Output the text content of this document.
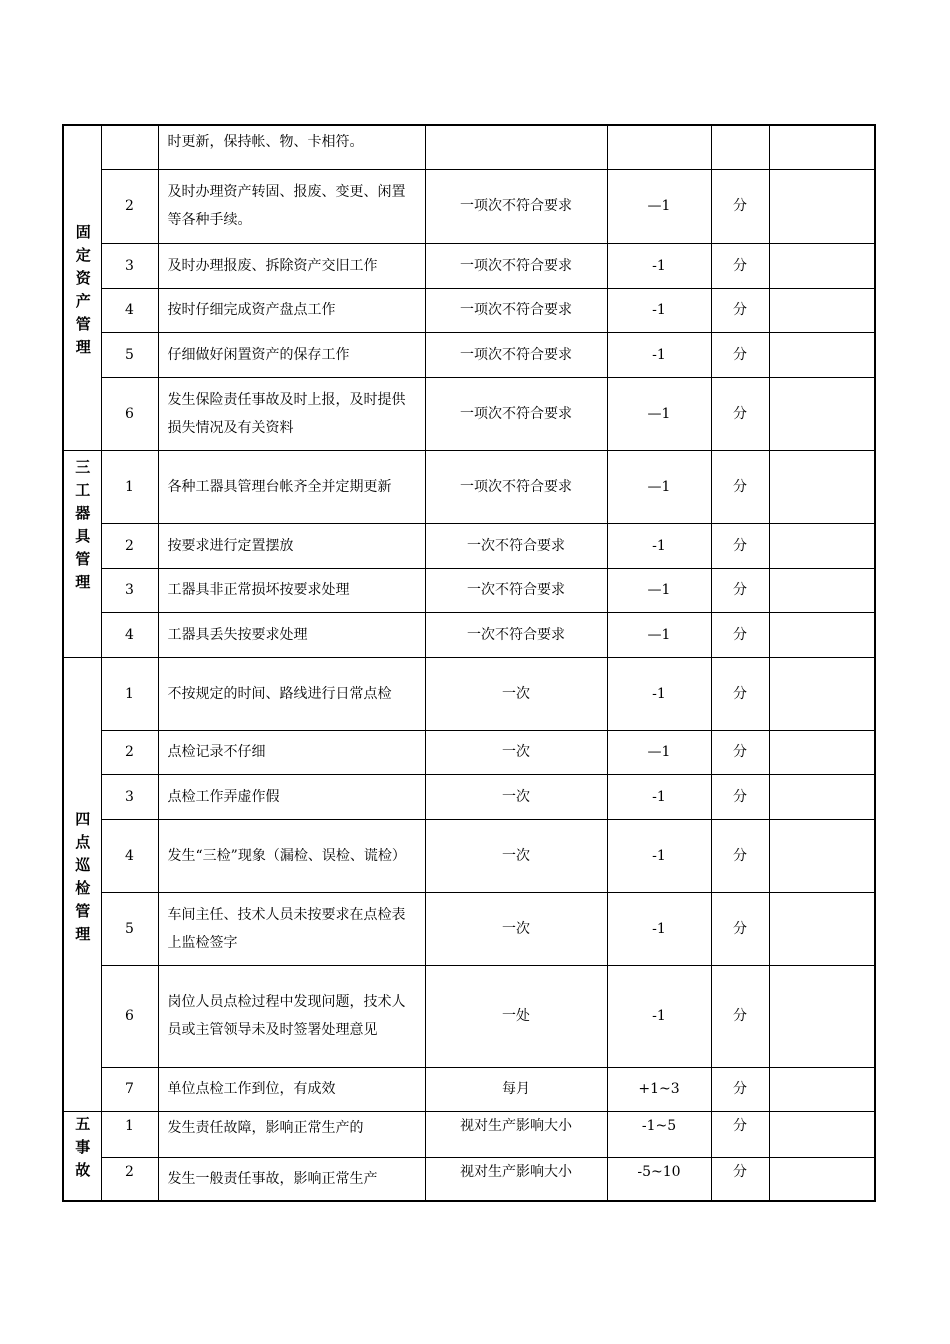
固定资产管理		时更新，保持帐、物、卡相符。				
	2	及时办理资产转固、报废、变更、闲置等各种手续。	一项次不符合要求	—1	分	
	3	及时办理报废、拆除资产交旧工作	一项次不符合要求	-1	分	
	4	按时仔细完成资产盘点工作	一项次不符合要求	-1	分	
	5	仔细做好闲置资产的保存工作	一项次不符合要求	-1	分	
	6	发生保险责任事故及时上报，及时提供损失情况及有关资料	一项次不符合要求	—1	分	
三工器具管理	1	各种工器具管理台帐齐全并定期更新	一项次不符合要求	—1	分	
	2	按要求进行定置摆放	一次不符合要求	-1	分	
	3	工器具非正常损坏按要求处理	一次不符合要求	—1	分	
	4	工器具丢失按要求处理	一次不符合要求	—1	分	
四点巡检管理	1	不按规定的时间、路线进行日常点检	一次	-1	分	
	2	点检记录不仔细	一次	—1	分	
	3	点检工作弄虚作假	一次	-1	分	
	4	发生“三检”现象（漏检、误检、谎检）	一次	-1	分	
	5	车间主任、技术人员未按要求在点检表上监检签字	一次	-1	分	
	6	岗位人员点检过程中发现问题，技术人员或主管领导未及时签署处理意见	一处	-1	分	
	7	单位点检工作到位，有成效	每月	+1~3	分	
五事故	1	发生责任故障，影响正常生产的	视对生产影响大小	-1~5	分	
	2	发生一般责任事故，影响正常生产	视对生产影响大小	-5~10	分	
